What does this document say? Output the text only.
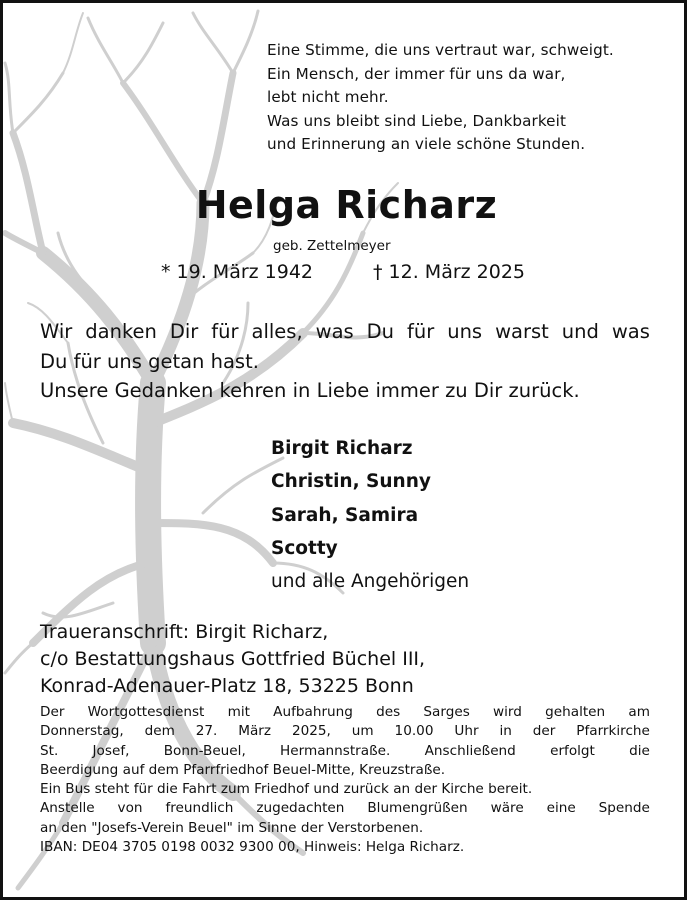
Eine Stimme, die uns vertraut war, schweigt.
Ein Mensch, der immer für uns da war,
lebt nicht mehr.
Was uns bleibt sind Liebe, Dankbarkeit
und Erinnerung an viele schöne Stunden.
Helga Richarz
geb. Zettelmeyer
* 19. März 1942	† 12. März 2025
Wir danken Dir für alles, was Du für uns warst und was
Du für uns getan hast.
Unsere Gedanken kehren in Liebe immer zu Dir zurück.
Birgit Richarz
Christin, Sunny
Sarah, Samira
Scotty
und alle Angehörigen
Traueranschrift: Birgit Richarz,
c/o Bestattungshaus Gottfried Büchel III,
Konrad-Adenauer-Platz 18, 53225 Bonn
Der Wortgottesdienst mit Aufbahrung des Sarges wird gehalten am
Donnerstag, dem 27. März 2025, um 10.00 Uhr in der Pfarrkirche
St.	Josef,	Bonn-Beuel,	Hermannstraße.	Anschließend	erfolgt	die
Beerdigung auf dem Pfarrfriedhof Beuel-Mitte, Kreuzstraße.
Ein Bus steht für die Fahrt zum Friedhof und zurück an der Kirche bereit.
Anstelle von freundlich zugedachten Blumengrüßen wäre eine Spende
an den "Josefs-Verein Beuel" im Sinne der Verstorbenen.
IBAN: DE04 3705 0198 0032 9300 00, Hinweis: Helga Richarz.
